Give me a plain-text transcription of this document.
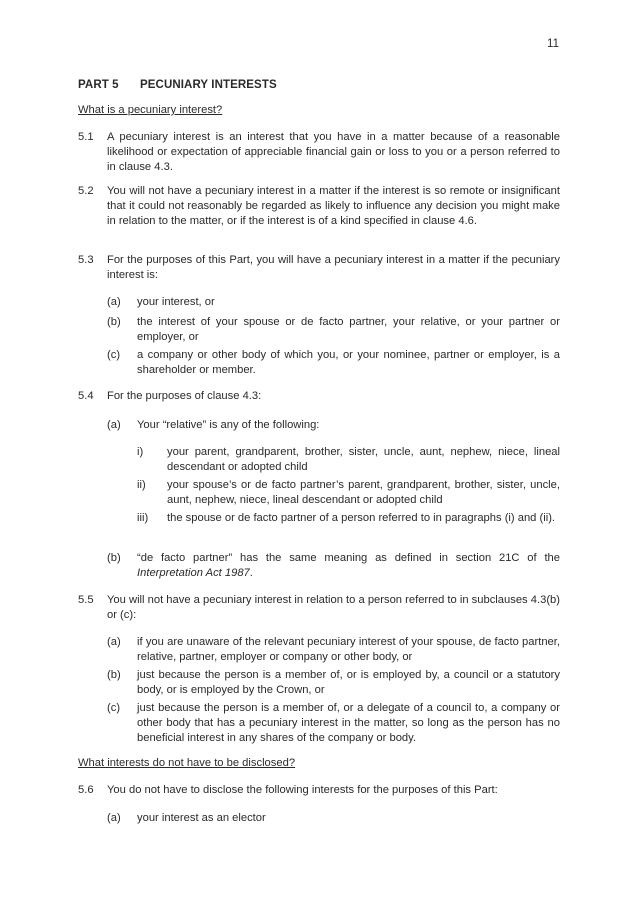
11
PART 5 PECUNIARY INTERESTS
What is a pecuniary interest?
5.1 A pecuniary interest is an interest that you have in a matter because of a reasonable likelihood or expectation of appreciable financial gain or loss to you or a person referred to in clause 4.3.
5.2 You will not have a pecuniary interest in a matter if the interest is so remote or insignificant that it could not reasonably be regarded as likely to influence any decision you might make in relation to the matter, or if the interest is of a kind specified in clause 4.6.
5.3 For the purposes of this Part, you will have a pecuniary interest in a matter if the pecuniary interest is:
(a) your interest, or
(b) the interest of your spouse or de facto partner, your relative, or your partner or employer, or
(c) a company or other body of which you, or your nominee, partner or employer, is a shareholder or member.
5.4 For the purposes of clause 4.3:
(a) Your “relative” is any of the following:
i) your parent, grandparent, brother, sister, uncle, aunt, nephew, niece, lineal descendant or adopted child
ii) your spouse’s or de facto partner’s parent, grandparent, brother, sister, uncle, aunt, nephew, niece, lineal descendant or adopted child
iii) the spouse or de facto partner of a person referred to in paragraphs (i) and (ii).
(b) “de facto partner” has the same meaning as defined in section 21C of the Interpretation Act 1987.
5.5 You will not have a pecuniary interest in relation to a person referred to in subclauses 4.3(b) or (c):
(a) if you are unaware of the relevant pecuniary interest of your spouse, de facto partner, relative, partner, employer or company or other body, or
(b) just because the person is a member of, or is employed by, a council or a statutory body, or is employed by the Crown, or
(c) just because the person is a member of, or a delegate of a council to, a company or other body that has a pecuniary interest in the matter, so long as the person has no beneficial interest in any shares of the company or body.
What interests do not have to be disclosed?
5.6 You do not have to disclose the following interests for the purposes of this Part:
(a) your interest as an elector
